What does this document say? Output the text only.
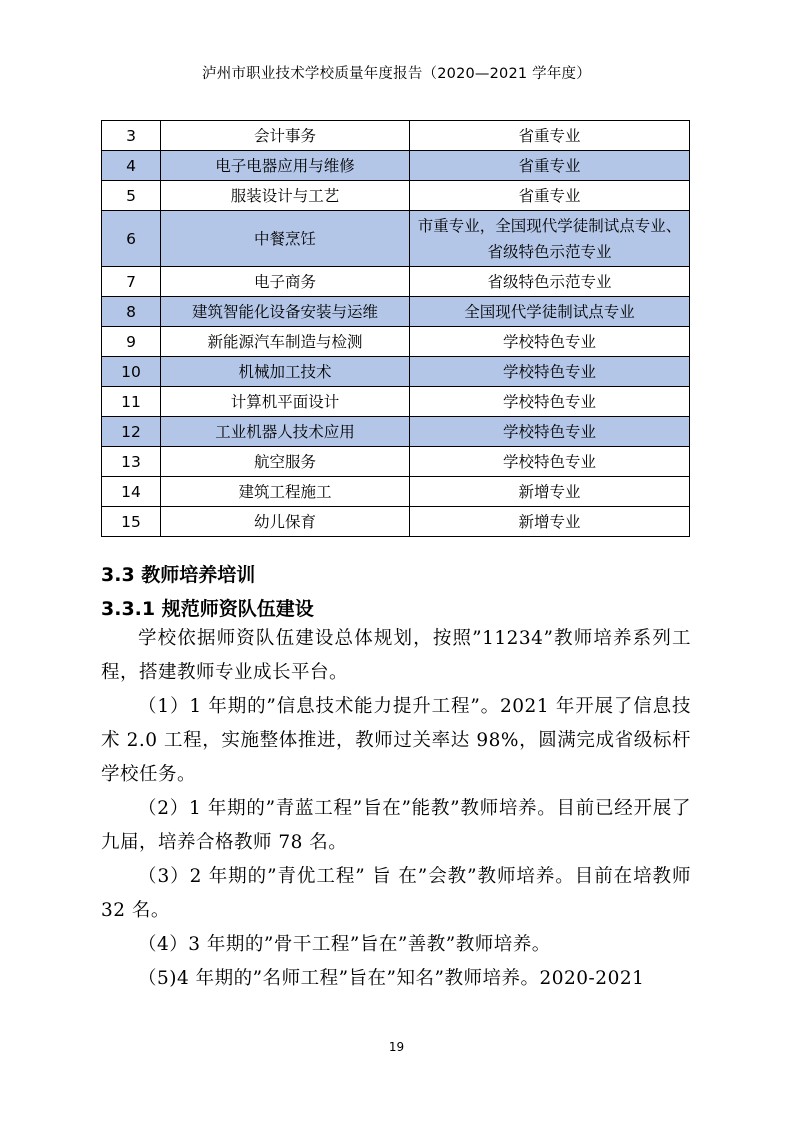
泸州市职业技术学校质量年度报告（2020—2021 学年度）
3	会计事务	省重专业
4	电子电器应用与维修	省重专业
5	服装设计与工艺	省重专业
6	中餐烹饪	市重专业，全国现代学徒制试点专业、省级特色示范专业
7	电子商务	省级特色示范专业
8	建筑智能化设备安装与运维	全国现代学徒制试点专业
9	新能源汽车制造与检测	学校特色专业
10	机械加工技术	学校特色专业
11	计算机平面设计	学校特色专业
12	工业机器人技术应用	学校特色专业
13	航空服务	学校特色专业
14	建筑工程施工	新增专业
15	幼儿保育	新增专业
3.3 教师培养培训
3.3.1 规范师资队伍建设

学校依据师资队伍建设总体规划，按照”11234”教师培养系列工程，搭建教师专业成长平台。

（1）1 年期的”信息技术能力提升工程”。2021 年开展了信息技术 2.0 工程，实施整体推进，教师过关率达 98%，圆满完成省级标杆学校任务。

（2）1 年期的”青蓝工程”旨在”能教”教师培养。目前已经开展了九届，培养合格教师 78 名。

（3）2 年期的”青优工程” 旨 在”会教”教师培养。目前在培教师 32 名。

（4）3 年期的”骨干工程”旨在”善教”教师培养。

（5)4 年期的”名师工程”旨在”知名”教师培养。2020-2021

19
